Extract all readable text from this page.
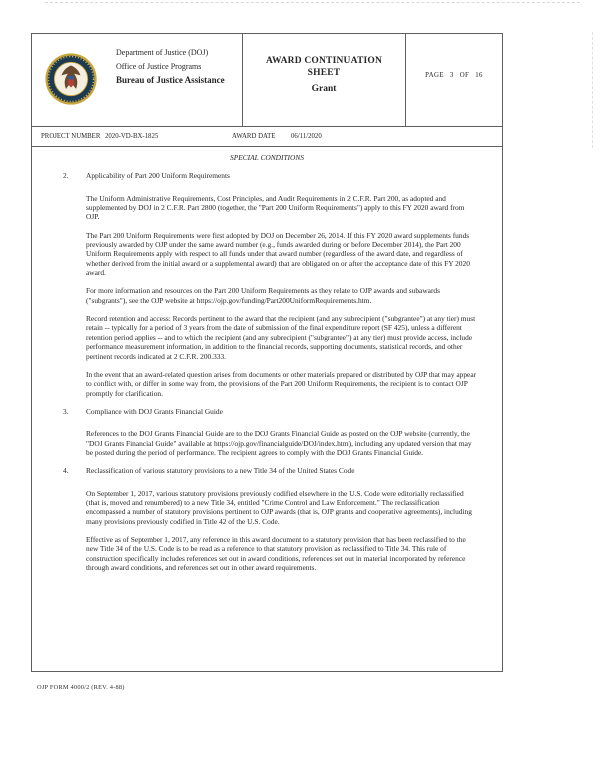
Department of Justice (DOJ)
Office of Justice Programs
Bureau of Justice Assistance
AWARD CONTINUATION
SHEET
Grant
PAGE 3 OF 16
PROJECT NUMBER 2020-VD-BX-1825	AWARD DATE 06/11/2020
SPECIAL CONDITIONS
2. Applicability of Part 200 Uniform Requirements

The Uniform Administrative Requirements, Cost Principles, and Audit Requirements in 2 C.F.R. Part 200, as adopted and supplemented by DOJ in 2 C.F.R. Part 2800 (together, the "Part 200 Uniform Requirements") apply to this FY 2020 award from OJP.

The Part 200 Uniform Requirements were first adopted by DOJ on December 26, 2014. If this FY 2020 award supplements funds previously awarded by OJP under the same award number (e.g., funds awarded during or before December 2014), the Part 200 Uniform Requirements apply with respect to all funds under that award number (regardless of the award date, and regardless of whether derived from the initial award or a supplemental award) that are obligated on or after the acceptance date of this FY 2020 award.

For more information and resources on the Part 200 Uniform Requirements as they relate to OJP awards and subawards ("subgrants"), see the OJP website at https://ojp.gov/funding/Part200UniformRequirements.htm.

Record retention and access: Records pertinent to the award that the recipient (and any subrecipient ("subgrantee") at any tier) must retain -- typically for a period of 3 years from the date of submission of the final expenditure report (SF 425), unless a different retention period applies -- and to which the recipient (and any subrecipient ("subgrantee") at any tier) must provide access, include performance measurement information, in addition to the financial records, supporting documents, statistical records, and other pertinent records indicated at 2 C.F.R. 200.333.

In the event that an award-related question arises from documents or other materials prepared or distributed by OJP that may appear to conflict with, or differ in some way from, the provisions of the Part 200 Uniform Requirements, the recipient is to contact OJP promptly for clarification.

3. Compliance with DOJ Grants Financial Guide

References to the DOJ Grants Financial Guide are to the DOJ Grants Financial Guide as posted on the OJP website (currently, the "DOJ Grants Financial Guide" available at https://ojp.gov/financialguide/DOJ/index.htm), including any updated version that may be posted during the period of performance. The recipient agrees to comply with the DOJ Grants Financial Guide.

4. Reclassification of various statutory provisions to a new Title 34 of the United States Code

On September 1, 2017, various statutory provisions previously codified elsewhere in the U.S. Code were editorially reclassified (that is, moved and renumbered) to a new Title 34, entitled "Crime Control and Law Enforcement." The reclassification encompassed a number of statutory provisions pertinent to OJP awards (that is, OJP grants and cooperative agreements), including many provisions previously codified in Title 42 of the U.S. Code.

Effective as of September 1, 2017, any reference in this award document to a statutory provision that has been reclassified to the new Title 34 of the U.S. Code is to be read as a reference to that statutory provision as reclassified to Title 34. This rule of construction specifically includes references set out in award conditions, references set out in material incorporated by reference through award conditions, and references set out in other award requirements.

OJP FORM 4000/2 (REV. 4-88)
